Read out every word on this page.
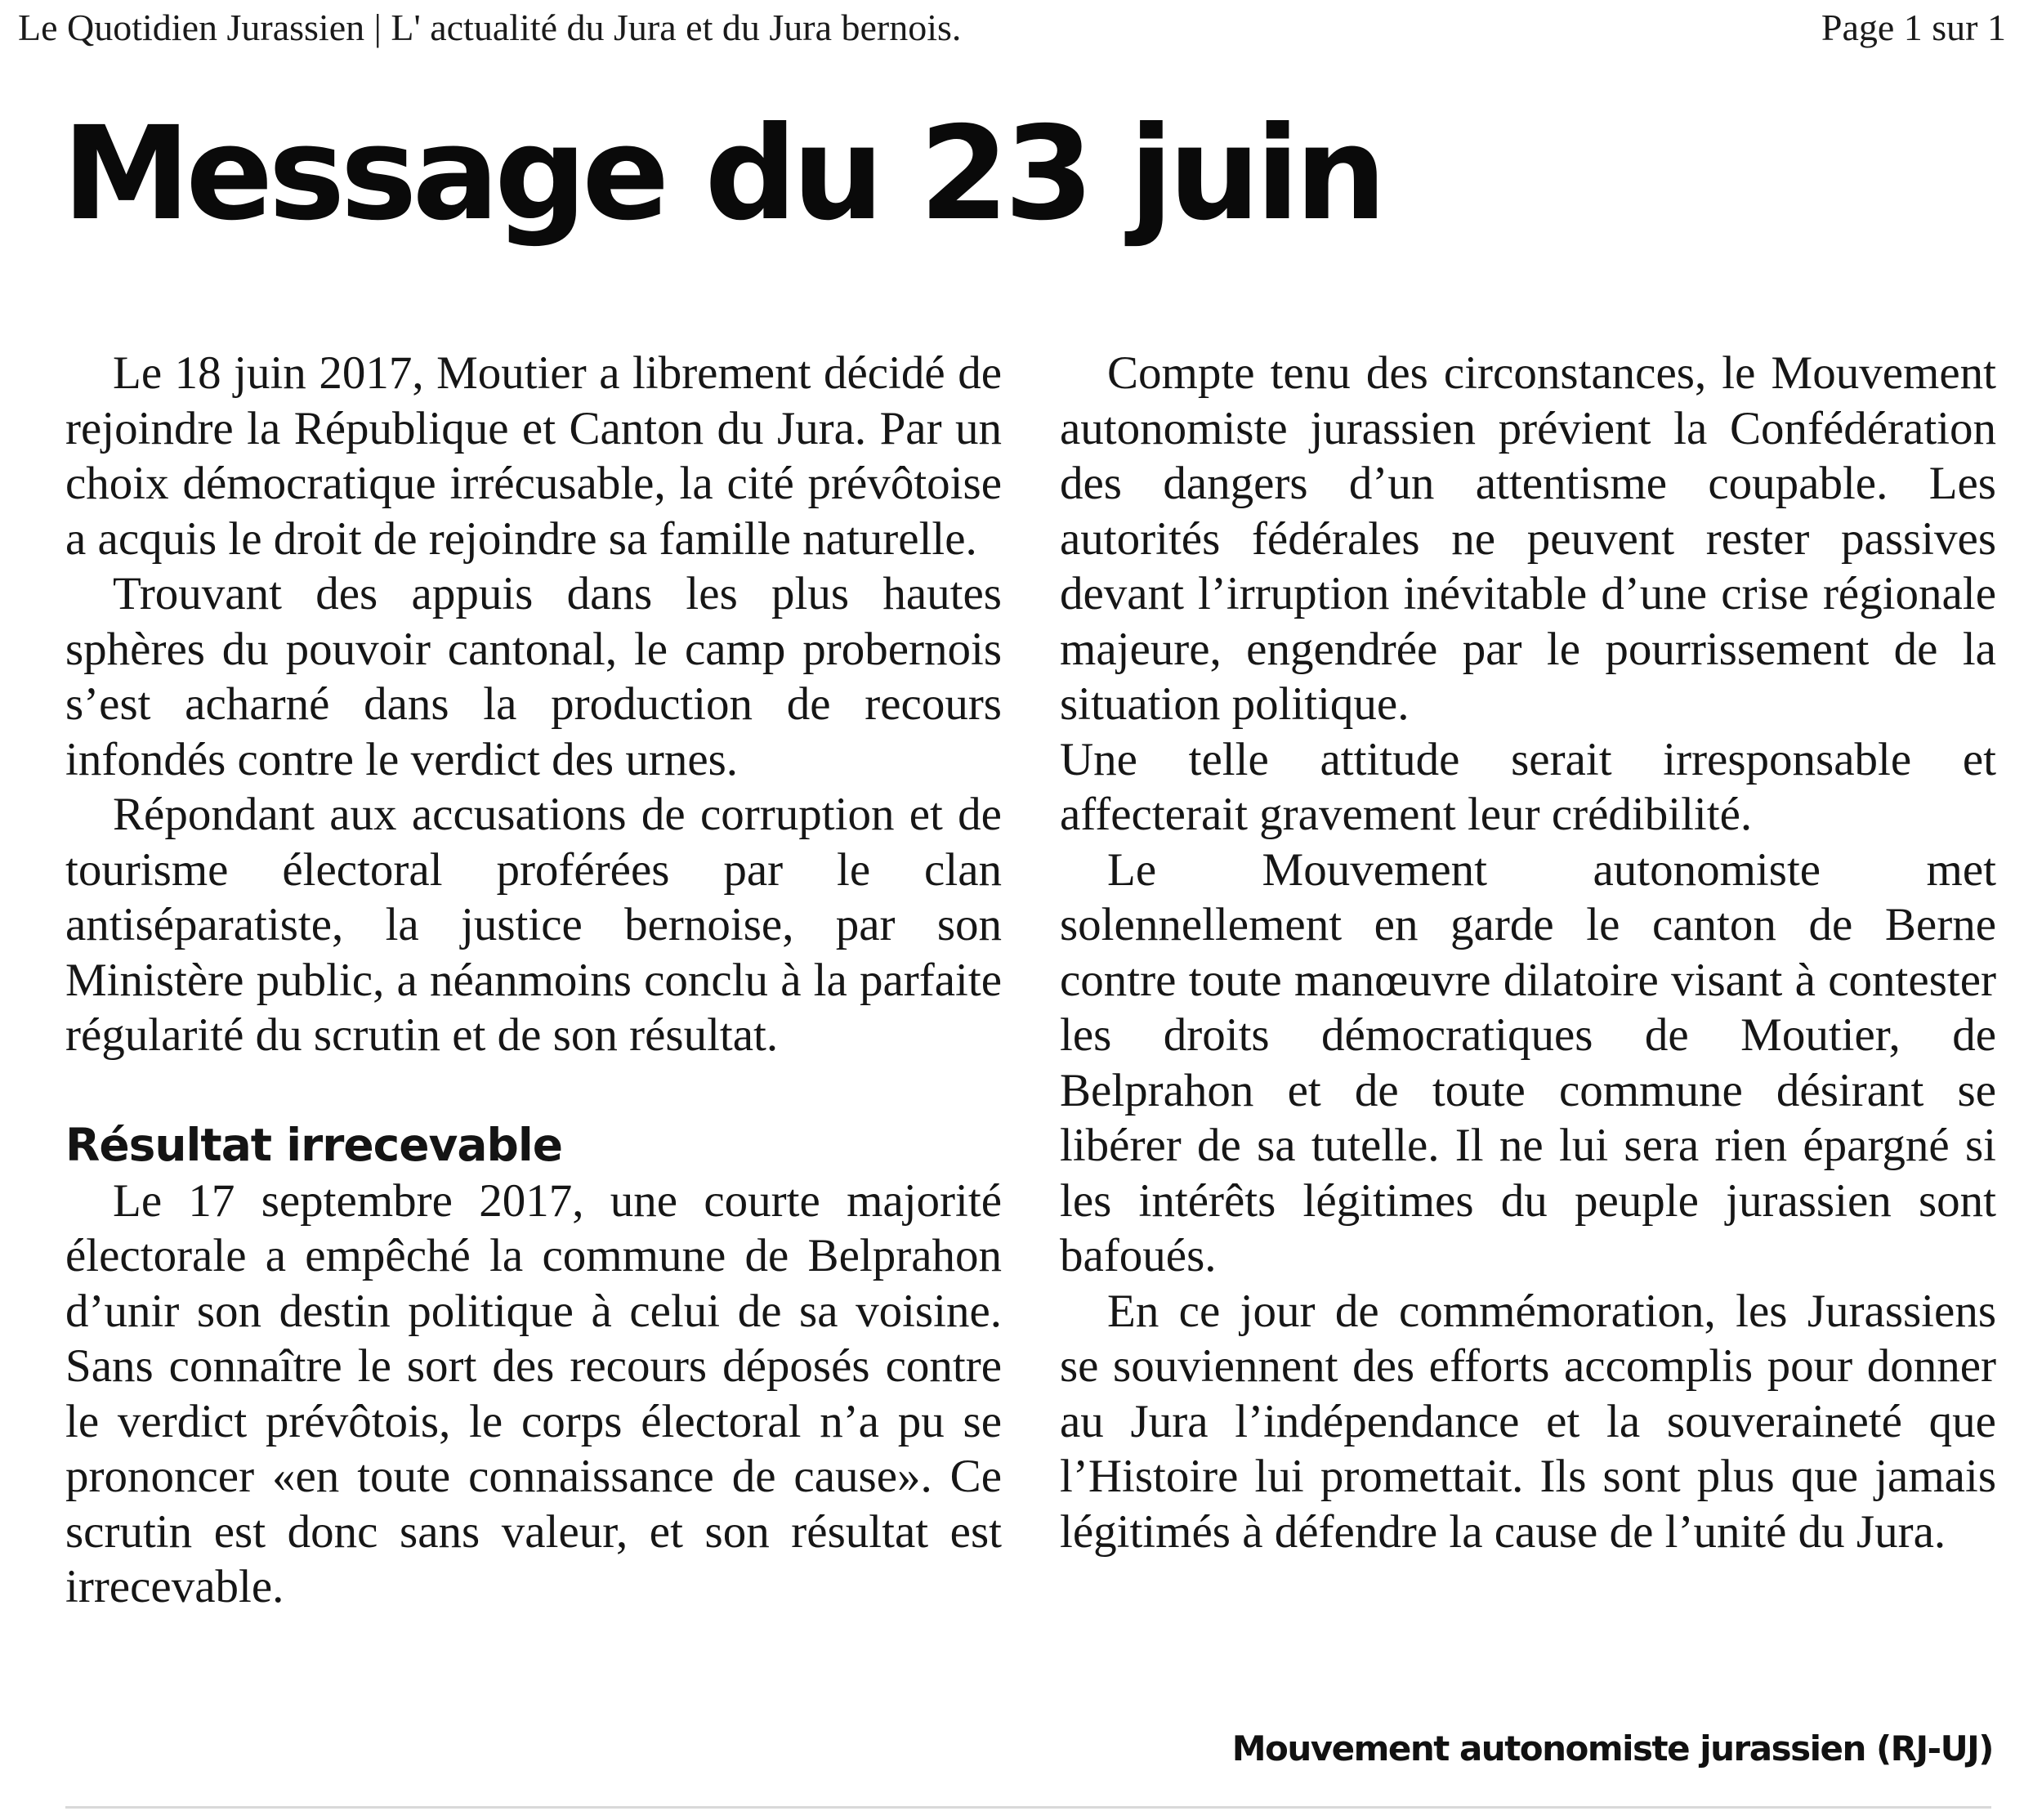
Le Quotidien Jurassien | L' actualité du Jura et du Jura bernois.	Page 1 sur 1
Message du 23 juin

Le 18 juin 2017, Moutier a librement décidé de rejoindre la République et Canton du Jura. Par un choix démocratique irrécusable, la cité prévôtoise a acquis le droit de rejoindre sa famille naturelle.

Trouvant des appuis dans les plus hautes sphères du pouvoir cantonal, le camp probernois s’est acharné dans la production de recours infondés contre le verdict des urnes.

Répondant aux accusations de corruption et de tourisme électoral proférées par le clan antiséparatiste, la justice bernoise, par son Ministère public, a néanmoins conclu à la parfaite régularité du scrutin et de son résultat.

Résultat irrecevable

Le 17 septembre 2017, une courte majorité électorale a empêché la commune de Belprahon d’unir son destin politique à celui de sa voisine. Sans connaître le sort des recours déposés contre le verdict prévôtois, le corps électoral n’a pu se prononcer «en toute connaissance de cause». Ce scrutin est donc sans valeur, et son résultat est irrecevable.

Compte tenu des circonstances, le Mouvement autonomiste jurassien prévient la Confédération des dangers d’un attentisme coupable. Les autorités fédérales ne peuvent rester passives devant l’irruption inévitable d’une crise régionale majeure, engendrée par le pourrissement de la situation politique.

Une telle attitude serait irresponsable et affecterait gravement leur crédibilité.

Le Mouvement autonomiste met solennellement en garde le canton de Berne contre toute manœuvre dilatoire visant à contester les droits démocratiques de Moutier, de Belprahon et de toute commune désirant se libérer de sa tutelle. Il ne lui sera rien épargné si les intérêts légitimes du peuple jurassien sont bafoués.

En ce jour de commémoration, les Jurassiens se souviennent des efforts accomplis pour donner au Jura l’indépendance et la souveraineté que l’Histoire lui promettait. Ils sont plus que jamais légitimés à défendre la cause de l’unité du Jura.

Mouvement autonomiste jurassien (RJ-UJ)
